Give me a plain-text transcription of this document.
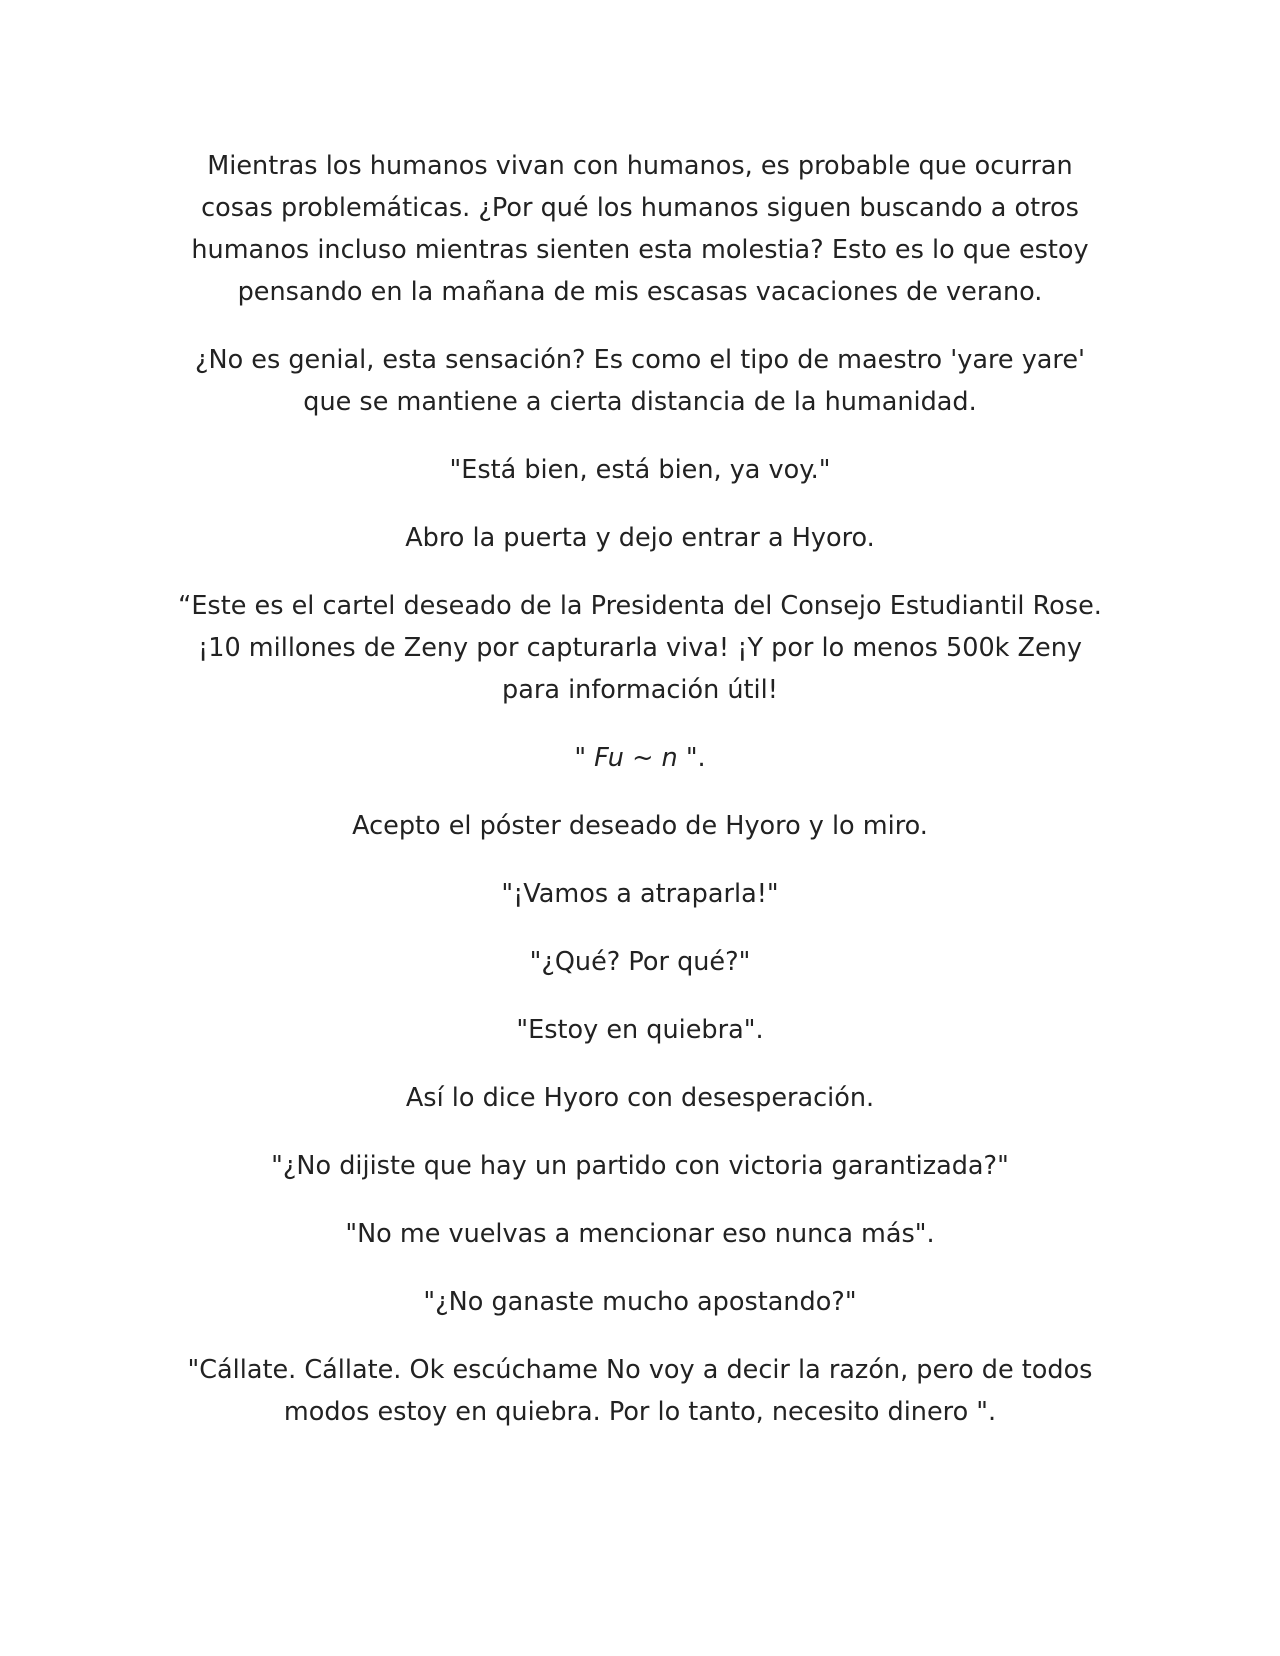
Mientras los humanos vivan con humanos, es probable que ocurran cosas problemáticas. ¿Por qué los humanos siguen buscando a otros humanos incluso mientras sienten esta molestia? Esto es lo que estoy pensando en la mañana de mis escasas vacaciones de verano.

¿No es genial, esta sensación? Es como el tipo de maestro 'yare yare' que se mantiene a cierta distancia de la humanidad.

"Está bien, está bien, ya voy."

Abro la puerta y dejo entrar a Hyoro.

“Este es el cartel deseado de la Presidenta del Consejo Estudiantil Rose. ¡10 millones de Zeny por capturarla viva! ¡Y por lo menos 500k Zeny para información útil!

" Fu ~ n ".

Acepto el póster deseado de Hyoro y lo miro.

"¡Vamos a atraparla!"

"¿Qué? Por qué?"

"Estoy en quiebra".

Así lo dice Hyoro con desesperación.

"¿No dijiste que hay un partido con victoria garantizada?"

"No me vuelvas a mencionar eso nunca más".

"¿No ganaste mucho apostando?"

"Cállate. Cállate. Ok escúchame No voy a decir la razón, pero de todos modos estoy en quiebra. Por lo tanto, necesito dinero ".
